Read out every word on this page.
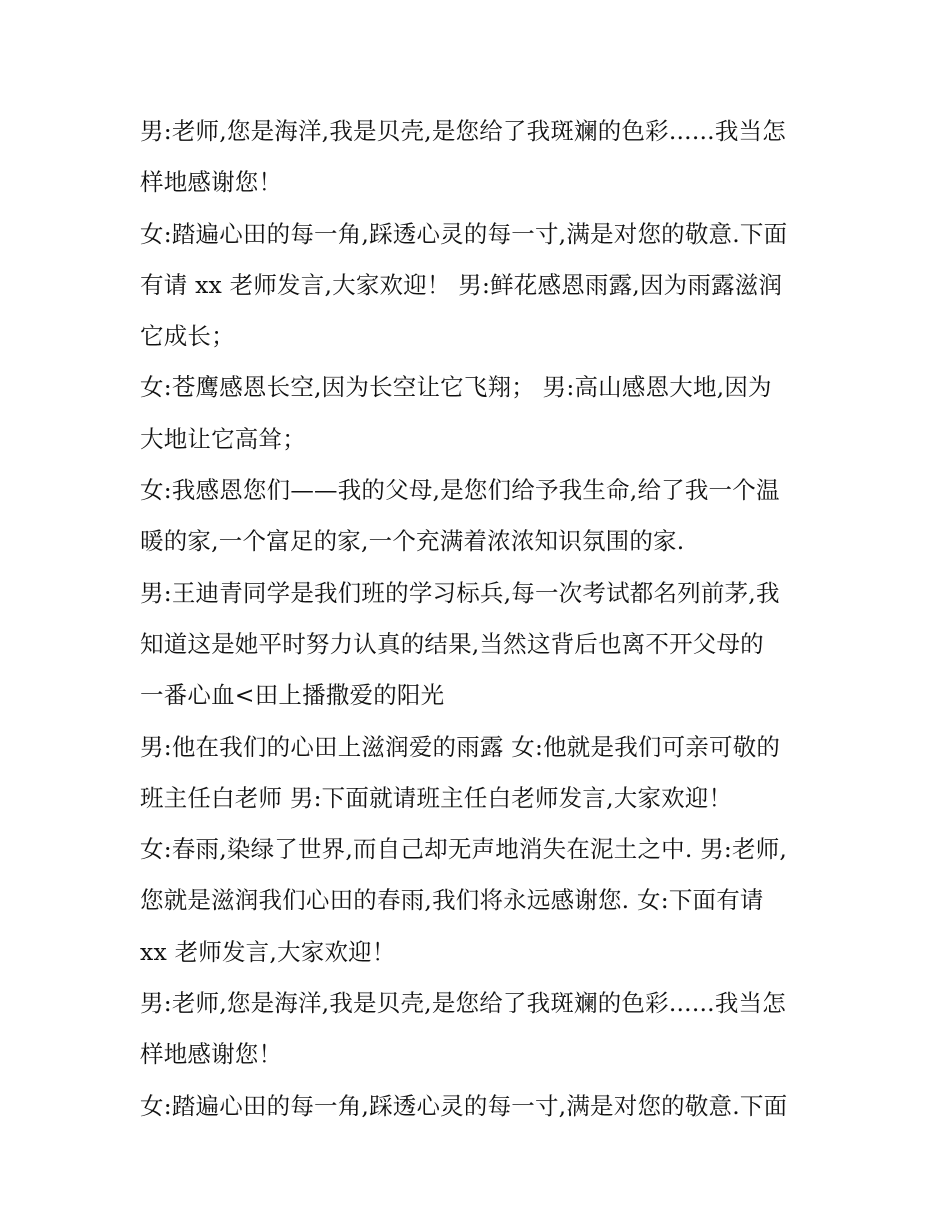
男:老师,您是海洋,我是贝壳,是您给了我斑斓的色彩......我当怎
样地感谢您！
女:踏遍心田的每一角,踩透心灵的每一寸,满是对您的敬意.下面
有请 xx 老师发言,大家欢迎！ 男:鲜花感恩雨露,因为雨露滋润
它成长；
女:苍鹰感恩长空,因为长空让它飞翔； 男:高山感恩大地,因为
大地让它高耸；
女:我感恩您们——我的父母,是您们给予我生命,给了我一个温
暖的家,一个富足的家,一个充满着浓浓知识氛围的家.
男:王迪青同学是我们班的学习标兵,每一次考试都名列前茅,我
知道这是她平时努力认真的结果,当然这背后也离不开父母的
一番心血<田上播撒爱的阳光
男:他在我们的心田上滋润爱的雨露 女:他就是我们可亲可敬的
班主任白老师 男:下面就请班主任白老师发言,大家欢迎！
女:春雨,染绿了世界,而自己却无声地消失在泥土之中. 男:老师,
您就是滋润我们心田的春雨,我们将永远感谢您. 女:下面有请
xx 老师发言,大家欢迎！
男:老师,您是海洋,我是贝壳,是您给了我斑斓的色彩......我当怎
样地感谢您！
女:踏遍心田的每一角,踩透心灵的每一寸,满是对您的敬意.下面
